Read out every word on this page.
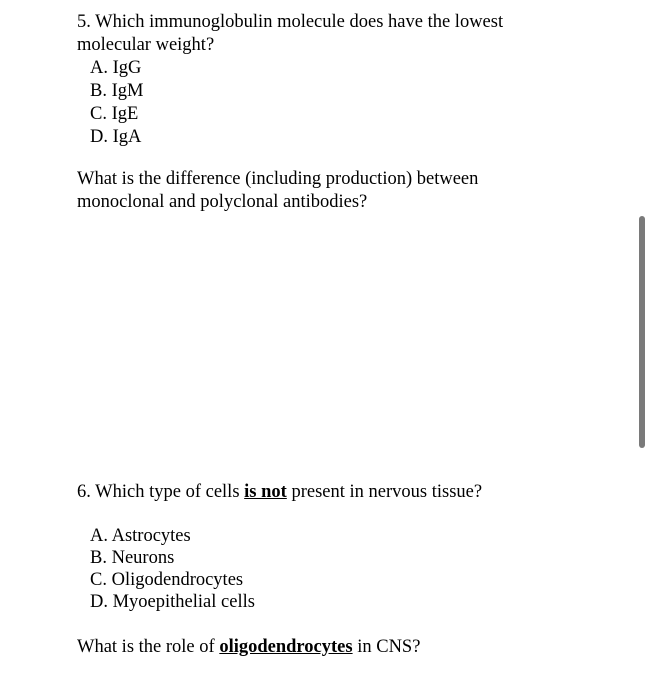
5. Which immunoglobulin molecule does have the lowest
molecular weight?
A. IgG
B. IgM
C. IgE
D. IgA
What is the difference (including production) between
monoclonal and polyclonal antibodies?
6. Which type of cells is not present in nervous tissue?
A. Astrocytes
B. Neurons
C. Oligodendrocytes
D. Myoepithelial cells
What is the role of oligodendrocytes in CNS?
